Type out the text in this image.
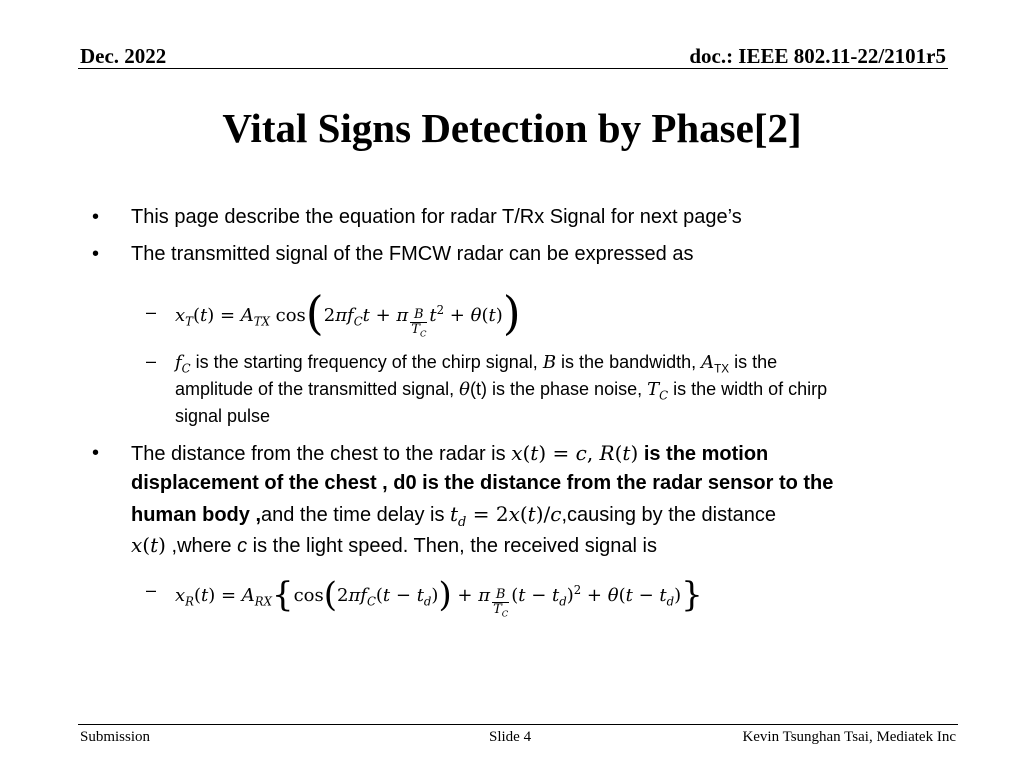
Dec. 2022	doc.: IEEE 802.11-22/2101r5
Vital Signs Detection by Phase[2]
• This page describe the equation for radar T/Rx Signal for next page’s
• The transmitted signal of the FMCW radar can be expressed as
– $x_T(t) = A_{TX}$ $\cos(2\pi f_Ct + \pi \frac{B}{T_C} t^2 + \theta(t))$
– $f_C$ is the starting frequency of the chirp signal, B is the bandwidth, $A_{TX}$ is the
amplitude of the transmitted signal, θ(t) is the phase noise, $T_C$ is the width of chirp
signal pulse
• The distance from the chest to the radar is x(t) = c, R(t) is the motion
displacement of the chest , d0 is the distance from the radar sensor to the
human body ,and the time delay is $t_d = 2x(t)/c,causing$ by the distance
x(t) ,where c is the light speed. Then, the received signal is
– $x_R(t) = A_{RX}\{\cos(2\pi f_C(t - t_d)) + \pi \frac{B}{T_C} (t - t_d)^2 + \theta(t - t_d)\}$
Submission	Slide 4	Kevin Tsunghan Tsai, Mediatek Inc
